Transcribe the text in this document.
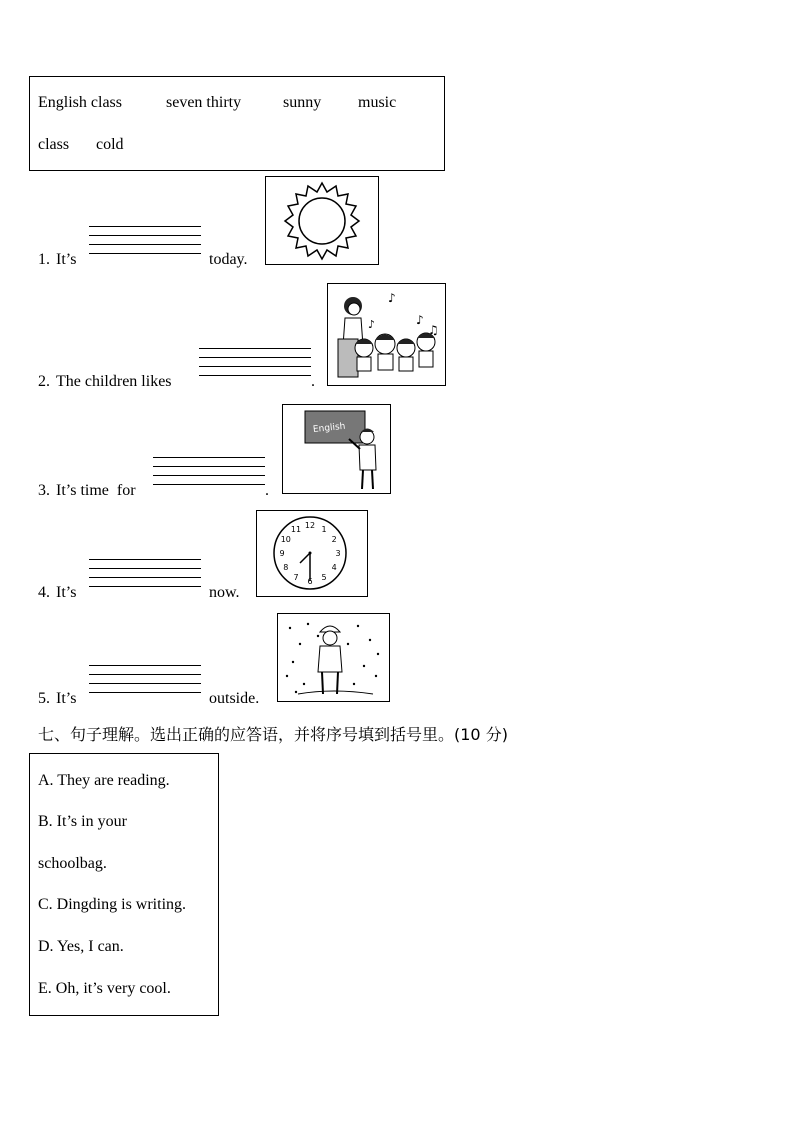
English class	seven thirty	sunny music
class cold
1. It’s	today.
2. The children likes	.
♪
♪
♫
♪
3. It’s time  for	.
English
4. It’s	now.
12 1
2
3
4
5
6
7
8
9
10
11
5. It’s	outside.
七、句子理解。选出正确的应答语，并将序号填到括号里。(10 分)
A. They are reading.
B. It’s in your
schoolbag.
C. Dingding is writing.
D. Yes, I can.
E. Oh, it’s very cool.
